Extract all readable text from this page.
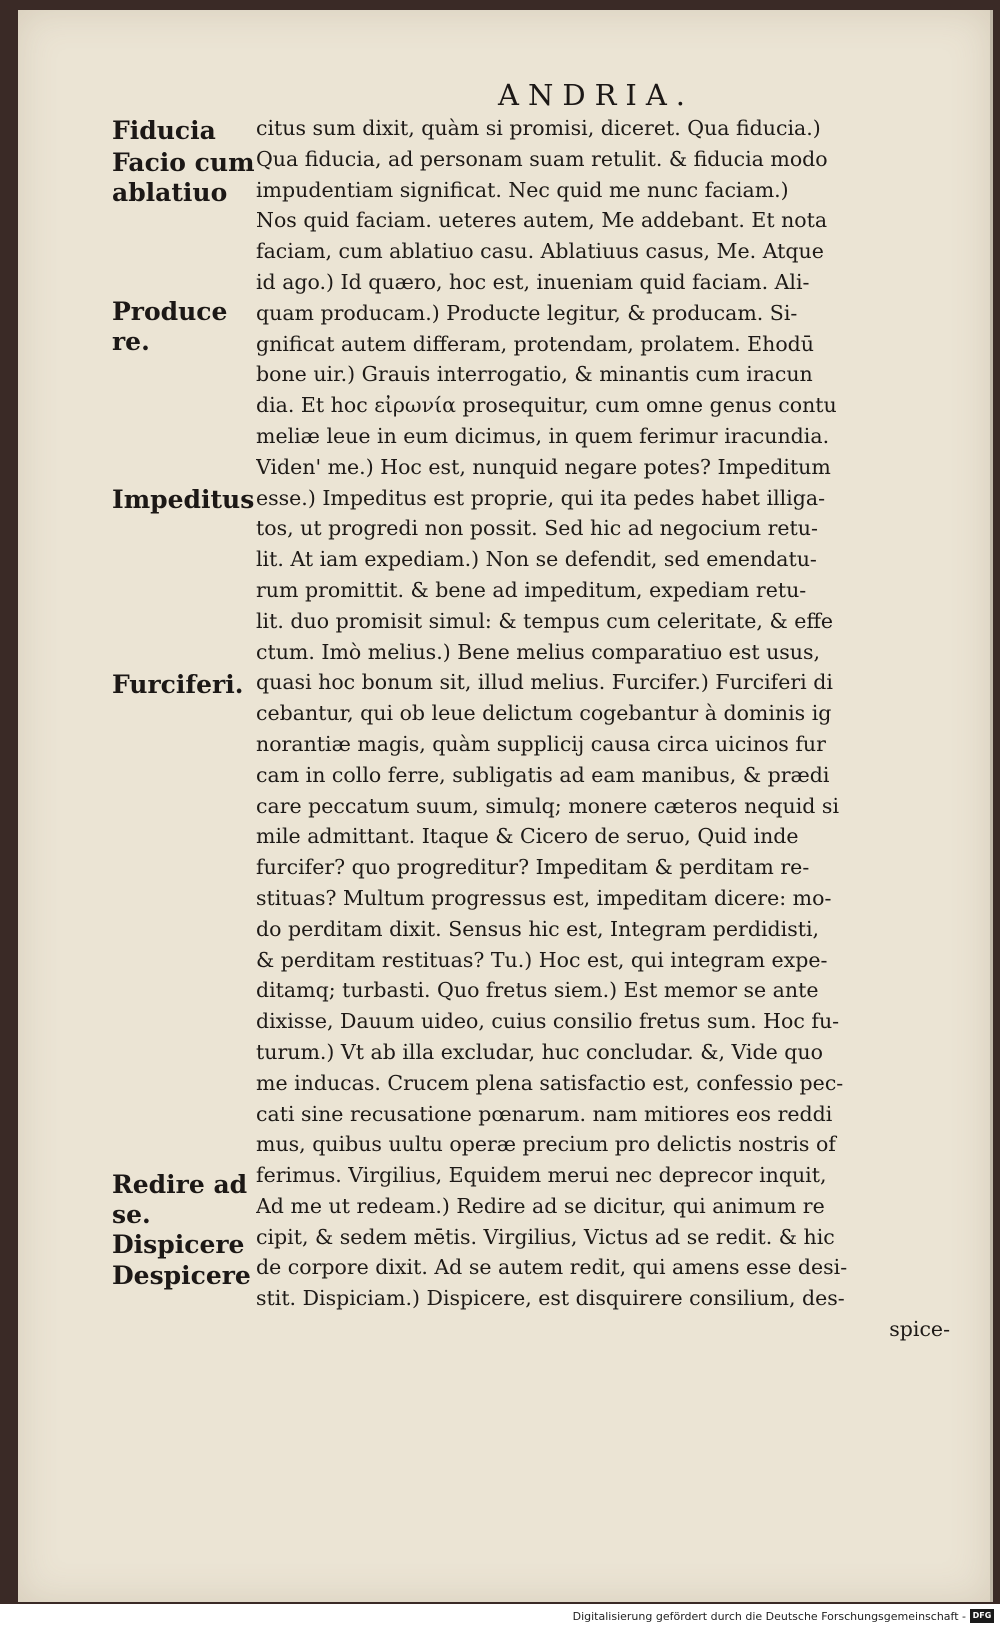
ANDRIA.
Fiducia
Facio cum
ablatiuo
Produce
re.
Impeditus
Furciferi.
Redire ad
se.
Dispicere
Despicere
citus sum dixit, quàm si promisi, diceret. Qua fiducia.)
Qua fiducia, ad personam suam retulit. & fiducia modo
impudentiam significat. Nec quid me nunc faciam.)
Nos quid faciam. ueteres autem, Me addebant. Et nota
faciam, cum ablatiuo casu. Ablatiuus casus, Me. Atque
id ago.) Id quæro, hoc est, inueniam quid faciam. Ali-
quam producam.) Producte legitur, & producam. Si-
gnificat autem differam, protendam, prolatem. Ehodū
bone uir.) Grauis interrogatio, & minantis cum iracun
dia. Et hoc εἰρωνία prosequitur, cum omne genus contu
meliæ leue in eum dicimus, in quem ferimur iracundia.
Viden' me.) Hoc est, nunquid negare potes? Impeditum
esse.) Impeditus est proprie, qui ita pedes habet illiga-
tos, ut progredi non possit. Sed hic ad negocium retu-
lit. At iam expediam.) Non se defendit, sed emendatu-
rum promittit. & bene ad impeditum, expediam retu-
lit. duo promisit simul: & tempus cum celeritate, & effe
ctum. Imò melius.) Bene melius comparatiuo est usus,
quasi hoc bonum sit, illud melius. Furcifer.) Furciferi di
cebantur, qui ob leue delictum cogebantur à dominis ig
norantiæ magis, quàm supplicij causa circa uicinos fur
cam in collo ferre, subligatis ad eam manibus, & prædi
care peccatum suum, simulq; monere cæteros nequid si
mile admittant. Itaque & Cicero de seruo, Quid inde
furcifer? quo progreditur? Impeditam & perditam re-
stituas? Multum progressus est, impeditam dicere: mo-
do perditam dixit. Sensus hic est, Integram perdidisti,
& perditam restituas? Tu.) Hoc est, qui integram expe-
ditamq; turbasti. Quo fretus siem.) Est memor se ante
dixisse, Dauum uideo, cuius consilio fretus sum. Hoc fu-
turum.) Vt ab illa excludar, huc concludar. &, Vide quo
me inducas. Crucem plena satisfactio est, confessio pec-
cati sine recusatione pœnarum. nam mitiores eos reddi
mus, quibus uultu operæ precium pro delictis nostris of
ferimus. Virgilius, Equidem merui nec deprecor inquit,
Ad me ut redeam.) Redire ad se dicitur, qui animum re
cipit, & sedem mētis. Virgilius, Victus ad se redit. & hic
de corpore dixit. Ad se autem redit, qui amens esse desi-
stit. Dispiciam.) Dispicere, est disquirere consilium, des-
spice-
Digitalisierung gefördert durch die Deutsche Forschungsgemeinschaft - DFG
